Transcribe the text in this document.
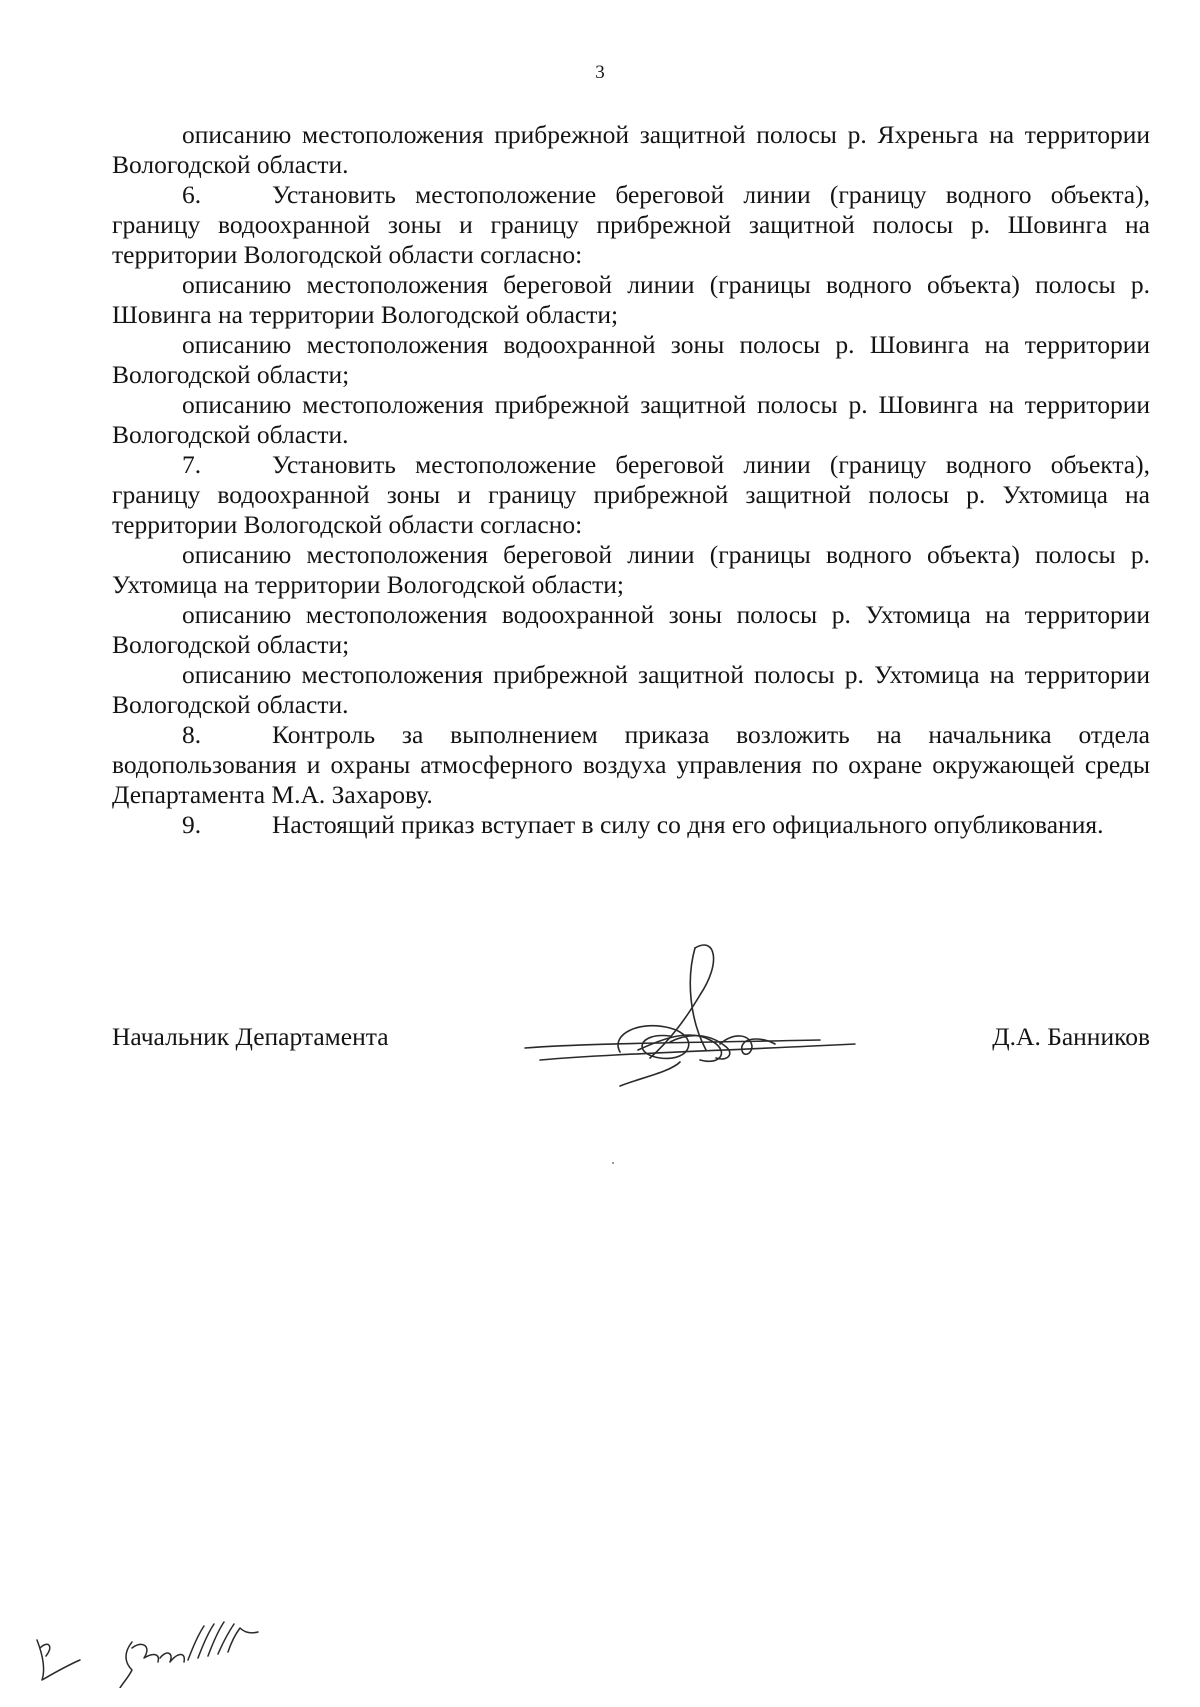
3

описанию местоположения прибрежной защитной полосы р. Яхреньга на территории Вологодской области.

6.	Установить местоположение береговой линии (границу водного объекта), границу водоохранной зоны и границу прибрежной защитной полосы р. Шовинга на территории Вологодской области согласно:

описанию местоположения береговой линии (границы водного объекта) полосы р. Шовинга на территории Вологодской области;

описанию местоположения водоохранной зоны полосы р. Шовинга на территории Вологодской области;

описанию местоположения прибрежной защитной полосы р. Шовинга на территории Вологодской области.

7.	Установить местоположение береговой линии (границу водного объекта), границу водоохранной зоны и границу прибрежной защитной полосы р. Ухтомица на территории Вологодской области согласно:

описанию местоположения береговой линии (границы водного объекта) полосы р. Ухтомица на территории Вологодской области;

описанию местоположения водоохранной зоны полосы р. Ухтомица на территории Вологодской области;

описанию местоположения прибрежной защитной полосы р. Ухтомица на территории Вологодской области.

8.	Контроль за выполнением приказа возложить на начальника отдела водопользования и охраны атмосферного воздуха управления по охране окружающей среды Департамента М.А. Захарову.

9.	Настоящий приказ вступает в силу со дня его официального опубликования.

Начальник Департамента	Д.А. Банников
